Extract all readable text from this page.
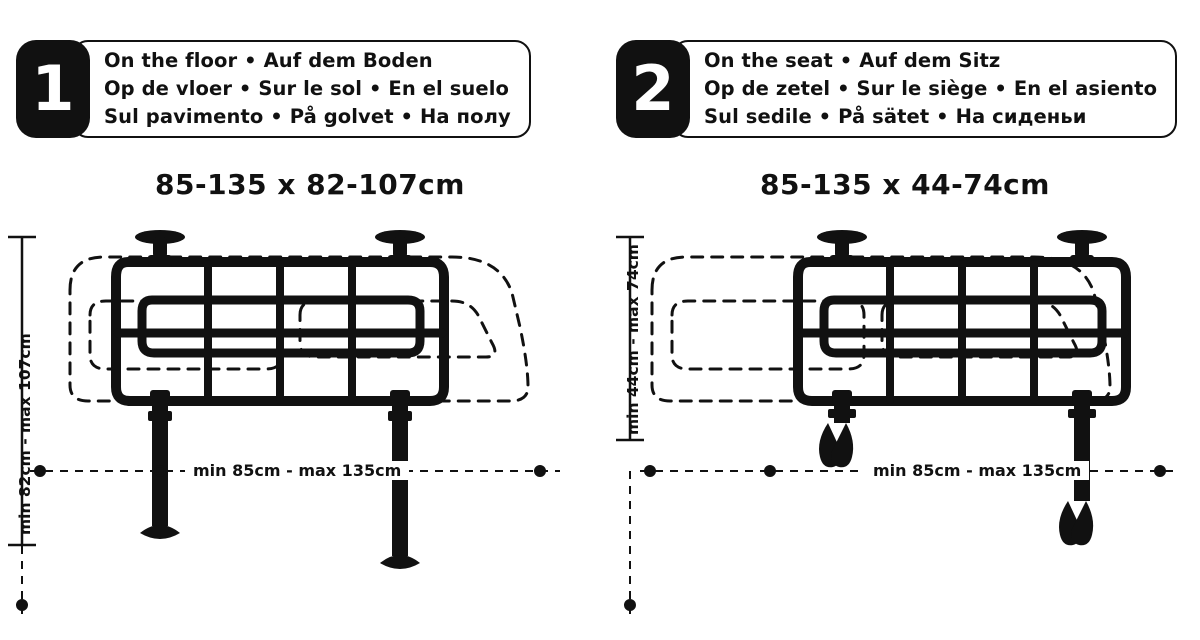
1	On the floor • Auf dem Boden
Op de vloer • Sur le sol • En el suelo
Sul pavimento • På golvet • На полу
85-135 x 82-107cm
min 85cm - max 135cm
min 82cm - max 107cm
2	On the seat • Auf dem Sitz
Op de zetel • Sur le siège • En el asiento
Sul sedile • På sätet • На сиденьи
85-135 x 44-74cm
min 85cm - max 135cm
min 44cm - max 74cm
